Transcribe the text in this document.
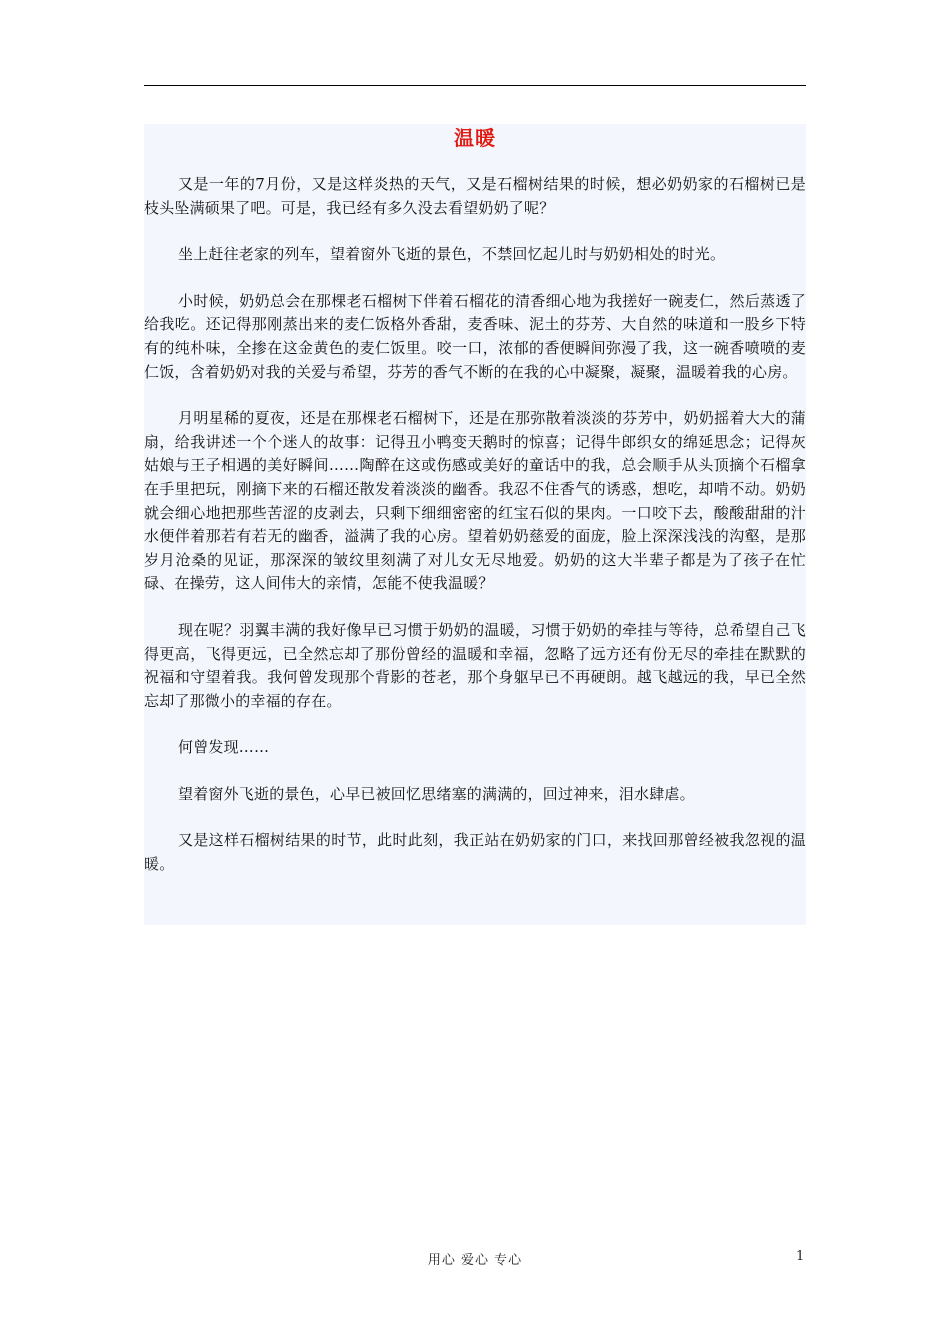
温暖

又是一年的7月份，又是这样炎热的天气，又是石榴树结果的时候，想必奶奶家的石榴树已是枝头坠满硕果了吧。可是，我已经有多久没去看望奶奶了呢？

坐上赶往老家的列车，望着窗外飞逝的景色，不禁回忆起儿时与奶奶相处的时光。

小时候，奶奶总会在那棵老石榴树下伴着石榴花的清香细心地为我搓好一碗麦仁，然后蒸透了给我吃。还记得那刚蒸出来的麦仁饭格外香甜，麦香味、泥土的芬芳、大自然的味道和一股乡下特有的纯朴味，全掺在这金黄色的麦仁饭里。咬一口，浓郁的香便瞬间弥漫了我，这一碗香喷喷的麦仁饭，含着奶奶对我的关爱与希望，芬芳的香气不断的在我的心中凝聚，凝聚，温暖着我的心房。

月明星稀的夏夜，还是在那棵老石榴树下，还是在那弥散着淡淡的芬芳中，奶奶摇着大大的蒲扇，给我讲述一个个迷人的故事：记得丑小鸭变天鹅时的惊喜；记得牛郎织女的绵延思念；记得灰姑娘与王子相遇的美好瞬间……陶醉在这或伤感或美好的童话中的我，总会顺手从头顶摘个石榴拿在手里把玩，刚摘下来的石榴还散发着淡淡的幽香。我忍不住香气的诱惑，想吃，却啃不动。奶奶就会细心地把那些苦涩的皮剥去，只剩下细细密密的红宝石似的果肉。一口咬下去，酸酸甜甜的汁水便伴着那若有若无的幽香，溢满了我的心房。望着奶奶慈爱的面庞，脸上深深浅浅的沟壑，是那岁月沧桑的见证，那深深的皱纹里刻满了对儿女无尽地爱。奶奶的这大半辈子都是为了孩子在忙碌、在操劳，这人间伟大的亲情，怎能不使我温暖？

现在呢？羽翼丰满的我好像早已习惯于奶奶的温暖，习惯于奶奶的牵挂与等待，总希望自己飞得更高，飞得更远，已全然忘却了那份曾经的温暖和幸福，忽略了远方还有份无尽的牵挂在默默的祝福和守望着我。我何曾发现那个背影的苍老，那个身躯早已不再硬朗。越飞越远的我，早已全然忘却了那微小的幸福的存在。

何曾发现……

望着窗外飞逝的景色，心早已被回忆思绪塞的满满的，回过神来，泪水肆虐。

又是这样石榴树结果的时节，此时此刻，我正站在奶奶家的门口，来找回那曾经被我忽视的温暖。

用心 爱心 专心	1
